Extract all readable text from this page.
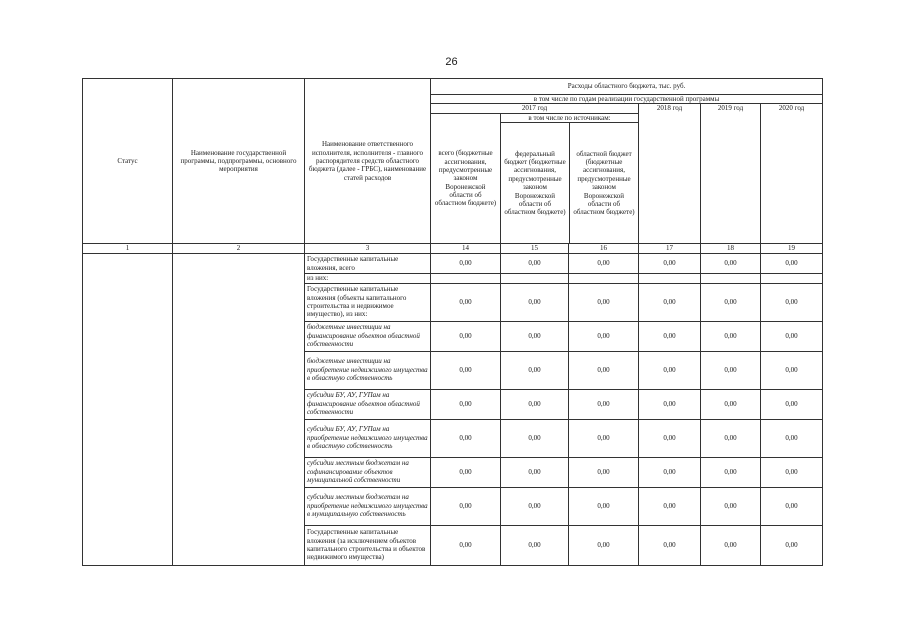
26
Статус	Наименование государственной программы, подпрограммы, основного мероприятия	Наименование ответственного исполнителя, исполнителя - главного распорядителя средств областного бюджета (далее - ГРБС), наименование статей расходов	Расходы областного бюджета, тыс. руб.
в том числе по годам реализации государственной программы
2017 год	2018 год	2019 год	2020 год
всего (бюджетные ассигнования, предусмотренные законом Воронежской области об областном бюджете)	
в том числе по источникам:
федеральный бюджет (бюджетные ассигнования, предусмотренные законом Воронежской области об областном бюджете)	областной бюджет (бюджетные ассигнования, предусмотренные законом Воронежской области об областном бюджете)

1	2	3	14	15	16	17	18	19
		Государственные капитальные вложения, всего	0,00	0,00	0,00	0,00	0,00	0,00
из них:						
Государственные капитальные вложения (объекты капитального строительства и недвижимое имущество), из них:	0,00	0,00	0,00	0,00	0,00	0,00
бюджетные инвестиции на финансирование объектов областной собственности	0,00	0,00	0,00	0,00	0,00	0,00
бюджетные инвестиции на приобретение недвижимого имущества в областную собственность	0,00	0,00	0,00	0,00	0,00	0,00
субсидии БУ, АУ, ГУПам на финансирование объектов областной собственности	0,00	0,00	0,00	0,00	0,00	0,00
субсидии БУ, АУ, ГУПам на приобретение недвижимого имущества в областную собственность	0,00	0,00	0,00	0,00	0,00	0,00
субсидии местным бюджетам на софинансирование объектов муниципальной собственности	0,00	0,00	0,00	0,00	0,00	0,00
субсидии местным бюджетам на приобретение недвижимого имущества в муниципальную собственность	0,00	0,00	0,00	0,00	0,00	0,00
Государственные капитальные вложения (за исключением объектов капитального строительства и объектов недвижимого имущества)	0,00	0,00	0,00	0,00	0,00	0,00
